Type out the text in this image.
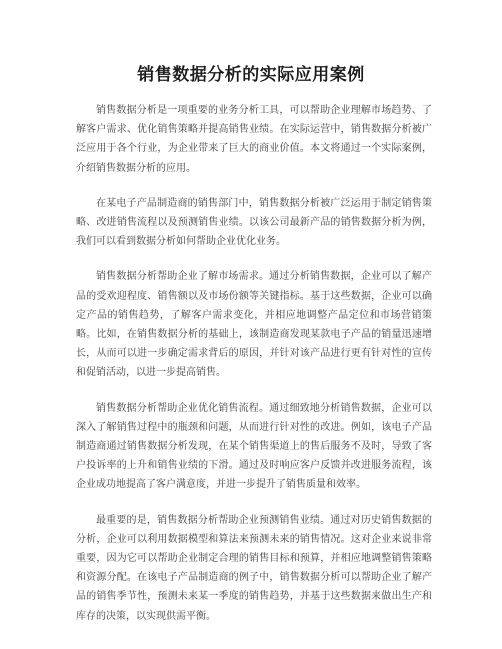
销售数据分析的实际应用案例

销售数据分析是一项重要的业务分析工具，可以帮助企业理解市场趋势、了解客户需求、优化销售策略并提高销售业绩。在实际运营中，销售数据分析被广泛应用于各个行业，为企业带来了巨大的商业价值。本文将通过一个实际案例，介绍销售数据分析的应用。

在某电子产品制造商的销售部门中，销售数据分析被广泛运用于制定销售策略、改进销售流程以及预测销售业绩。以该公司最新产品的销售数据分析为例，我们可以看到数据分析如何帮助企业优化业务。

销售数据分析帮助企业了解市场需求。通过分析销售数据，企业可以了解产品的受欢迎程度、销售额以及市场份额等关键指标。基于这些数据，企业可以确定产品的销售趋势，了解客户需求变化，并相应地调整产品定位和市场营销策略。比如，在销售数据分析的基础上，该制造商发现某款电子产品的销量迅速增长，从而可以进一步确定需求背后的原因，并针对该产品进行更有针对性的宣传和促销活动，以进一步提高销售。

销售数据分析帮助企业优化销售流程。通过细致地分析销售数据，企业可以深入了解销售过程中的瓶颈和问题，从而进行针对性的改进。例如，该电子产品制造商通过销售数据分析发现，在某个销售渠道上的售后服务不及时，导致了客户投诉率的上升和销售业绩的下滑。通过及时响应客户反馈并改进服务流程，该企业成功地提高了客户满意度，并进一步提升了销售质量和效率。

最重要的是，销售数据分析帮助企业预测销售业绩。通过对历史销售数据的分析，企业可以利用数据模型和算法来预测未来的销售情况。这对企业来说非常重要，因为它可以帮助企业制定合理的销售目标和预算，并相应地调整销售策略和资源分配。在该电子产品制造商的例子中，销售数据分析可以帮助企业了解产品的销售季节性，预测未来某一季度的销售趋势，并基于这些数据来做出生产和库存的决策，以实现供需平衡。
